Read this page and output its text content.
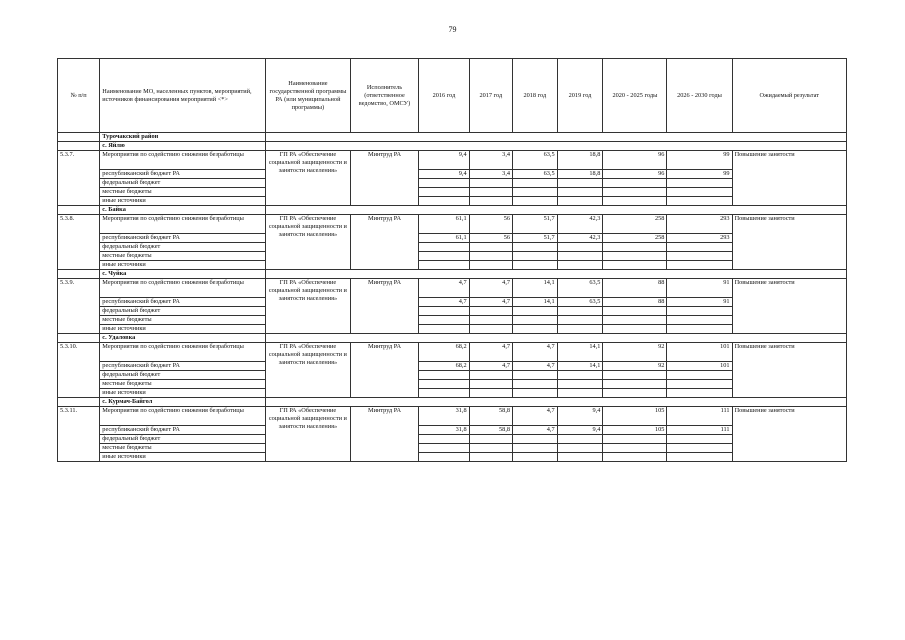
79
№ п/п	Наименование МО, населенных пунктов, мероприятий, источников финансирования мероприятий <*>	Наименование государственной программы РА (или муниципальной программы)	Исполнитель (ответственное ведомство, ОМСУ)	2016 год	2017 год	2018 год	2019 год	2020 - 2025 годы	2026 - 2030 годы	Ожидаемый результат
	Турочакский район									
	с. Яйлю									
5.3.7.	Мероприятия по содействию снижения безработицы	ГП РА «Обеспечение социальной защищенности и занятости населения»	Минтруд РА	9,4	3,4	63,5	18,8	96	99	Повышение занятости
	республиканский бюджет РА			9,4	3,4	63,5	18,8	96	99	
	федеральный бюджет									
	местные бюджеты									
	иные источники									
	с. Байка									
5.3.8.	Мероприятия по содействию снижения безработицы	ГП РА «Обеспечение социальной защищенности и занятости населения»	Минтруд РА	61,1	56	51,7	42,3	258	293	Повышение занятости
	республиканский бюджет РА			61,1	56	51,7	42,3	258	293	
	федеральный бюджет									
	местные бюджеты									
	иные источники									
	с. Чуйка									
5.3.9.	Мероприятия по содействию снижения безработицы	ГП РА «Обеспечение социальной защищенности и занятости населения»	Минтруд РА	4,7	4,7	14,1	63,5	88	91	Повышение занятости
	республиканский бюджет РА			4,7	4,7	14,1	63,5	88	91	
	федеральный бюджет									
	местные бюджеты									
	иные источники									
	с. Удаловка									
5.3.10.	Мероприятия по содействию снижения безработицы	ГП РА «Обеспечение социальной защищенности и занятости населения»	Минтруд РА	68,2	4,7	4,7	14,1	92	101	Повышение занятости
	республиканский бюджет РА			68,2	4,7	4,7	14,1	92	101	
	федеральный бюджет									
	местные бюджеты									
	иные источники									
	с. Курмач-Байгол									
5.3.11.	Мероприятия по содействию снижения безработицы	ГП РА «Обеспечение социальной защищенности и занятости населения»	Минтруд РА	31,8	58,8	4,7	9,4	105	111	Повышение занятости
	республиканский бюджет РА			31,8	58,8	4,7	9,4	105	111	
	федеральный бюджет									
	местные бюджеты									
	иные источники									
